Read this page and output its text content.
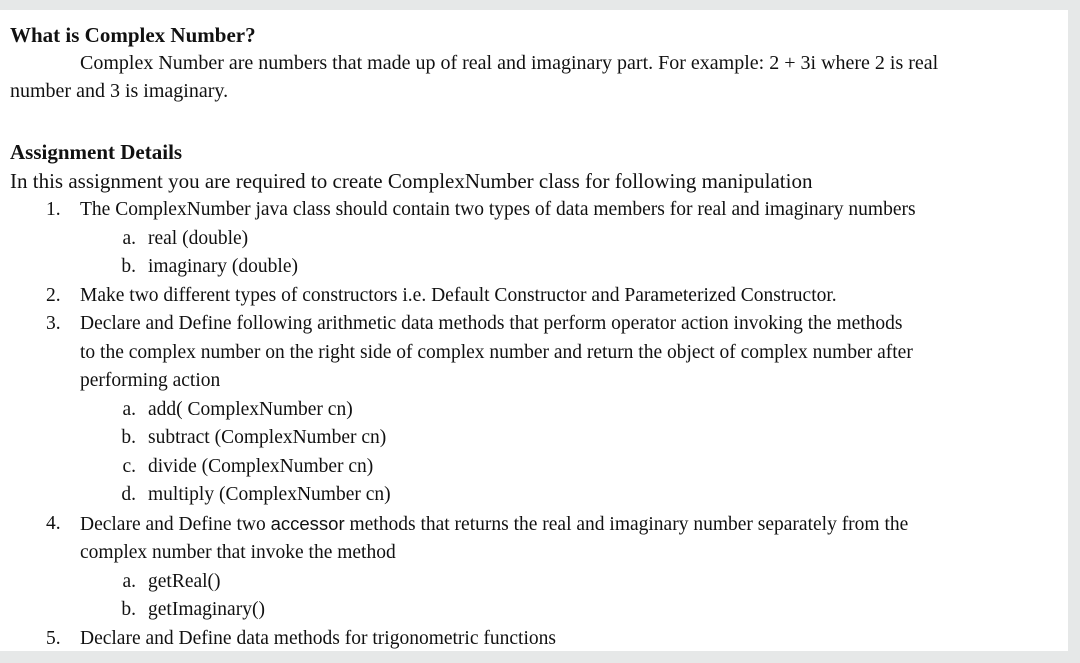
What is Complex Number?

Complex Number are numbers that made up of real and imaginary part. For example: 2 + 3i where 2 is real

number and 3 is imaginary.

Assignment Details

In this assignment you are required to create ComplexNumber class for following manipulation

1. The ComplexNumber java class should contain two types of data members for real and imaginary numbers
a. real (double)
b. imaginary (double)
2. Make two different types of constructors i.e. Default Constructor and Parameterized Constructor.
3. Declare and Define following arithmetic data methods that perform operator action invoking the methods
to the complex number on the right side of complex number and return the object of complex number after
performing action
a. add( ComplexNumber cn)
b. subtract (ComplexNumber cn)
c. divide (ComplexNumber cn)
d. multiply (ComplexNumber cn)
4. Declare and Define two accessor methods that returns the real and imaginary number separately from the
complex number that invoke the method
a. getReal()
b. getImaginary()
5. Declare and Define data methods for trigonometric functions
